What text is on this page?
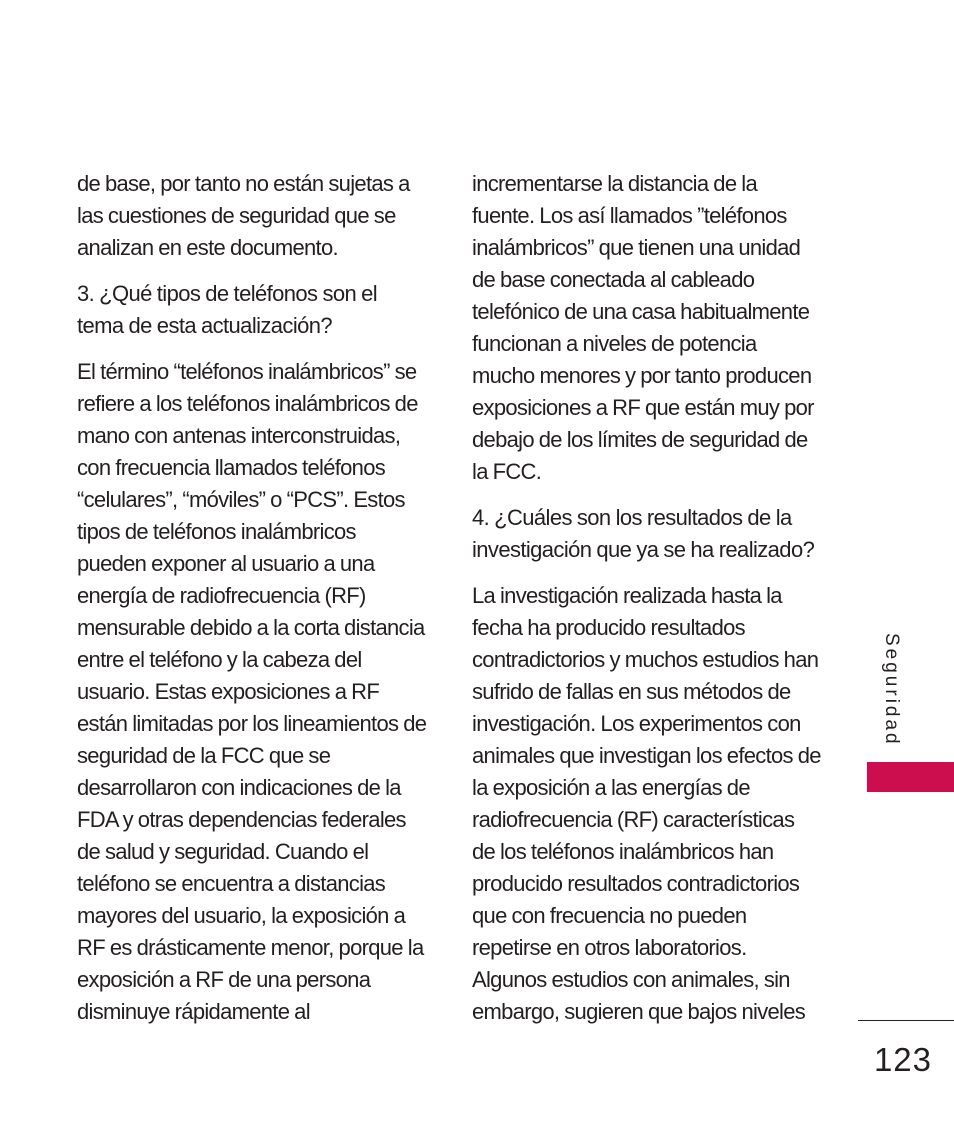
de base, por tanto no están sujetas a las cuestiones de seguridad que se analizan en este documento.

3. ¿Qué tipos de teléfonos son el tema de esta actualización?

El término “teléfonos inalámbricos” se refiere a los teléfonos inalámbricos de mano con antenas interconstruidas, con frecuencia llamados teléfonos “celulares”, “móviles” o “PCS”. Estos tipos de teléfonos inalámbricos pueden exponer al usuario a una energía de radiofrecuencia (RF) mensurable debido a la corta distancia entre el teléfono y la cabeza del usuario. Estas exposiciones a RF están limitadas por los lineamientos de seguridad de la FCC que se desarrollaron con indicaciones de la FDA y otras dependencias federales de salud y seguridad. Cuando el teléfono se encuentra a distancias mayores del usuario, la exposición a RF es drásticamente menor, porque la exposición a RF de una persona disminuye rápidamente al

incrementarse la distancia de la fuente. Los así llamados ”teléfonos inalámbricos” que tienen una unidad de base conectada al cableado telefónico de una casa habitualmente funcionan a niveles de potencia mucho menores y por tanto producen exposiciones a RF que están muy por debajo de los límites de seguridad de la FCC.

4. ¿Cuáles son los resultados de la investigación que ya se ha realizado?

La investigación realizada hasta la fecha ha producido resultados contradictorios y muchos estudios han sufrido de fallas en sus métodos de investigación. Los experimentos con animales que investigan los efectos de la exposición a las energías de radiofrecuencia (RF) características de los teléfonos inalámbricos han producido resultados contradictorios que con frecuencia no pueden repetirse en otros laboratorios. Algunos estudios con animales, sin embargo, sugieren que bajos niveles

Seguridad
123
